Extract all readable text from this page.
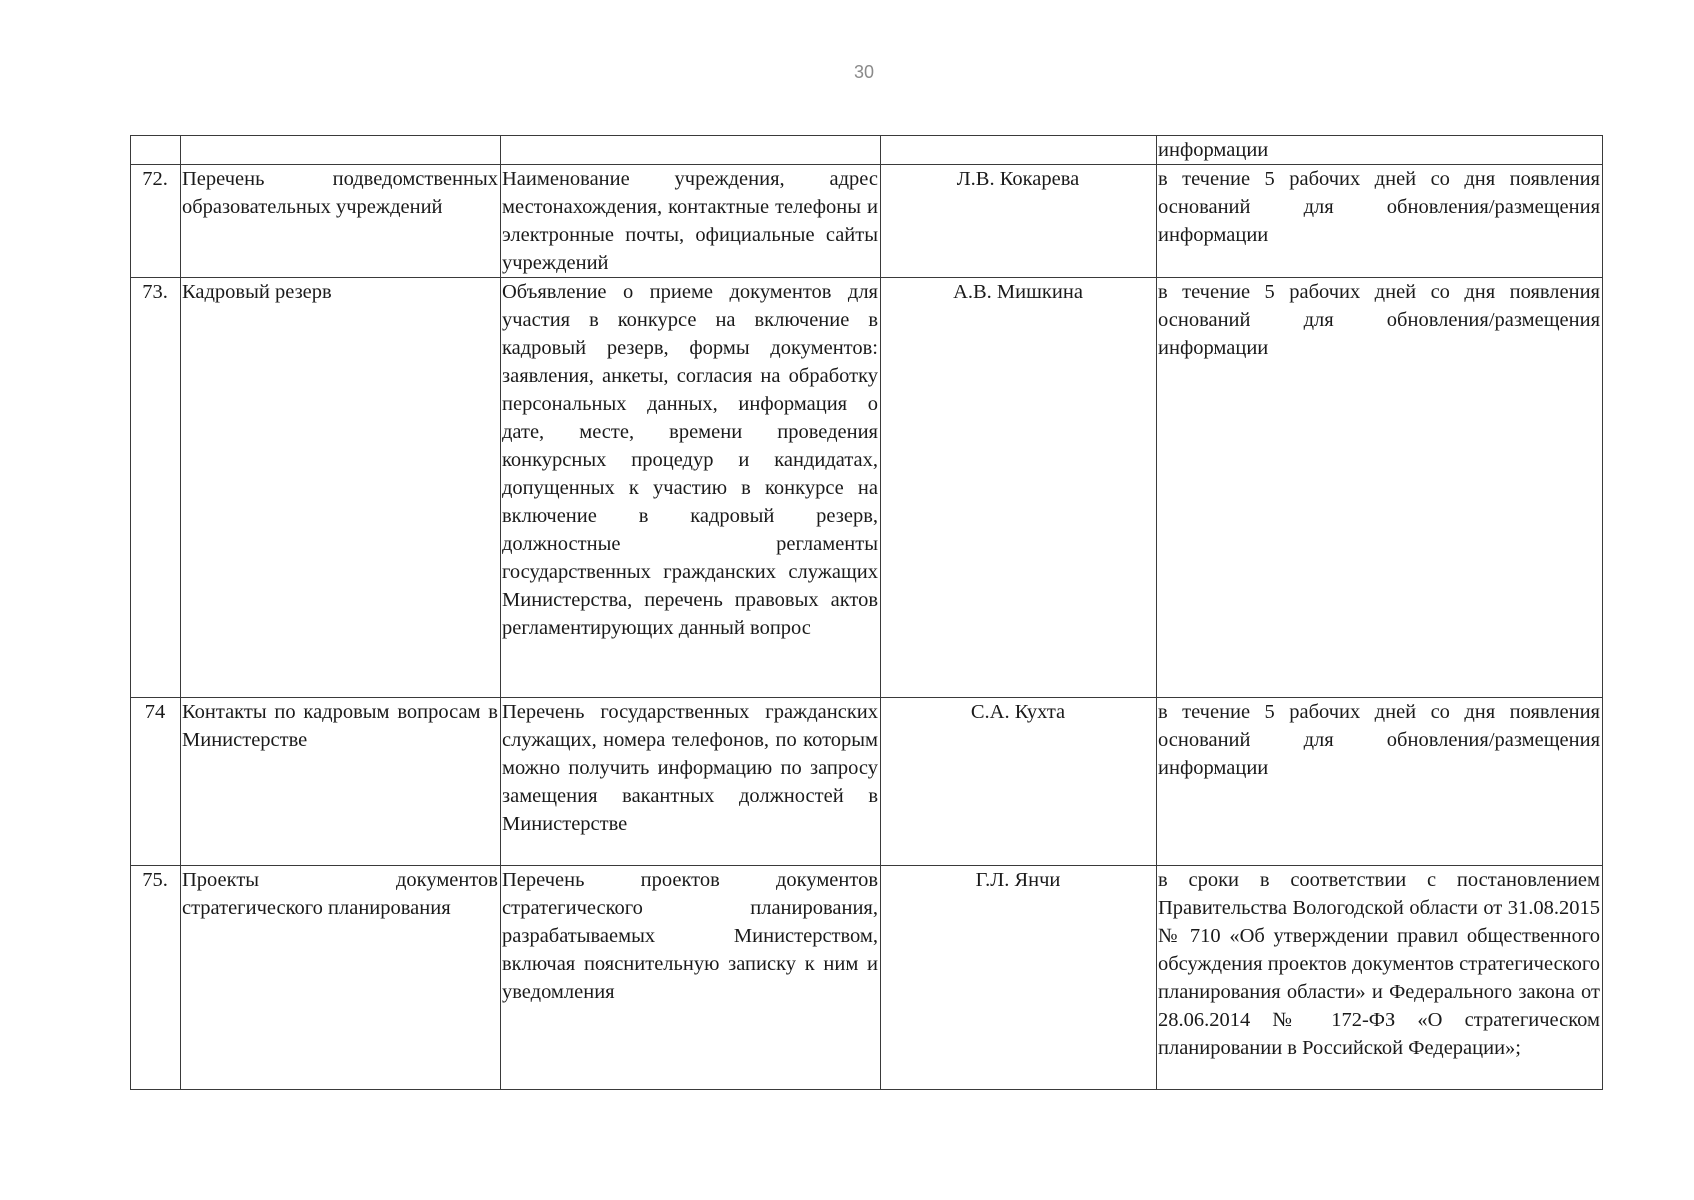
30
				информации
72.	Перечень подведомственных образовательных учреждений	Наименование учреждения, адрес местонахождения, контактные телефоны и электронные почты, официальные сайты учреждений	Л.В. Кокарева	в течение 5 рабочих дней со дня появления оснований для обновления/размещения информации
73.	Кадровый резерв	Объявление о приеме документов для участия в конкурсе на включение в кадровый резерв, формы документов: заявления, анкеты, согласия на обработку персональных данных, информация о дате, месте, времени проведения конкурсных процедур и кандидатах, допущенных к участию в конкурсе на включение в кадровый резерв, должностные регламенты государственных гражданских служащих Министерства, перечень правовых актов регламентирующих данный вопрос	А.В. Мишкина	в течение 5 рабочих дней со дня появления оснований для обновления/размещения информации
74	Контакты по кадровым вопросам в Министерстве	Перечень государственных гражданских служащих, номера телефонов, по которым можно получить информацию по запросу замещения вакантных должностей в Министерстве	С.А. Кухта	в течение 5 рабочих дней со дня появления оснований для обновления/размещения информации
75.	Проекты документов стратегического планирования	Перечень проектов документов стратегического планирования, разрабатываемых Министерством, включая пояснительную записку к ним и уведомления	Г.Л. Янчи	в сроки в соответствии с постановлением Правительства Вологодской области от 31.08.2015 № 710 «Об утверждении правил общественного обсуждения проектов документов стратегического планирования области» и Федерального закона от 28.06.2014 № 172-ФЗ «О стратегическом планировании в Российской Федерации»;
